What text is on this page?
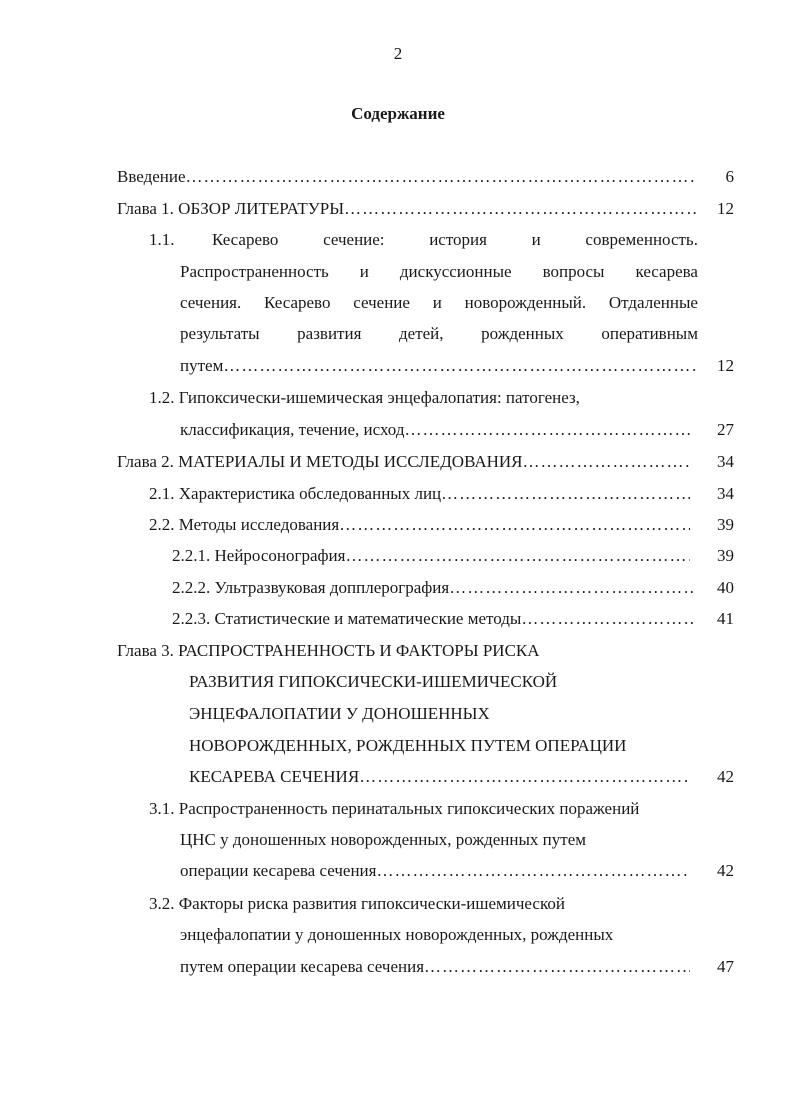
2
Содержание
Введение …………………………………………………………………………………………………………………………………………	6
Глава 1. ОБЗОР ЛИТЕРАТУРЫ …………………………………………………………………………………………………………………………………………	12
1.1. Кесарево	сечение:	история	и	современность.
Распространенность и дискуссионные вопросы кесарева
сечения. Кесарево сечение и новорожденный. Отдаленные
результаты развития детей, рожденных оперативным
путем …………………………………………………………………………………………………………………………………………	12
1.2. Гипоксически-ишемическая энцефалопатия: патогенез,
классификация, течение, исход …………………………………………………………………………………………………………………………………………	27
Глава 2. МАТЕРИАЛЫ И МЕТОДЫ ИССЛЕДОВАНИЯ …………………………………………………………………………………………………………………………………………	34
2.1. Характеристика обследованных лиц …………………………………………………………………………………………………………………………………………	34
2.2. Методы исследования …………………………………………………………………………………………………………………………………………	39
2.2.1. Нейросонография …………………………………………………………………………………………………………………………………………	39
2.2.2. Ультразвуковая допплерография …………………………………………………………………………………………………………………………………………	40
2.2.3. Статистические и математические методы …………………………………………………………………………………………………………………………………………	41
Глава 3. РАСПРОСТРАНЕННОСТЬ И ФАКТОРЫ РИСКА
РАЗВИТИЯ ГИПОКСИЧЕСКИ-ИШЕМИЧЕСКОЙ
ЭНЦЕФАЛОПАТИИ У ДОНОШЕННЫХ
НОВОРОЖДЕННЫХ, РОЖДЕННЫХ ПУТЕМ ОПЕРАЦИИ
КЕСАРЕВА СЕЧЕНИЯ …………………………………………………………………………………………………………………………………………	42
3.1. Распространенность перинатальных гипоксических поражений
ЦНС у доношенных новорожденных, рожденных путем
операции кесарева сечения …………………………………………………………………………………………………………………………………………	42
3.2. Факторы риска развития гипоксически-ишемической
энцефалопатии у доношенных новорожденных, рожденных
путем операции кесарева сечения …………………………………………………………………………………………………………………………………………	47
